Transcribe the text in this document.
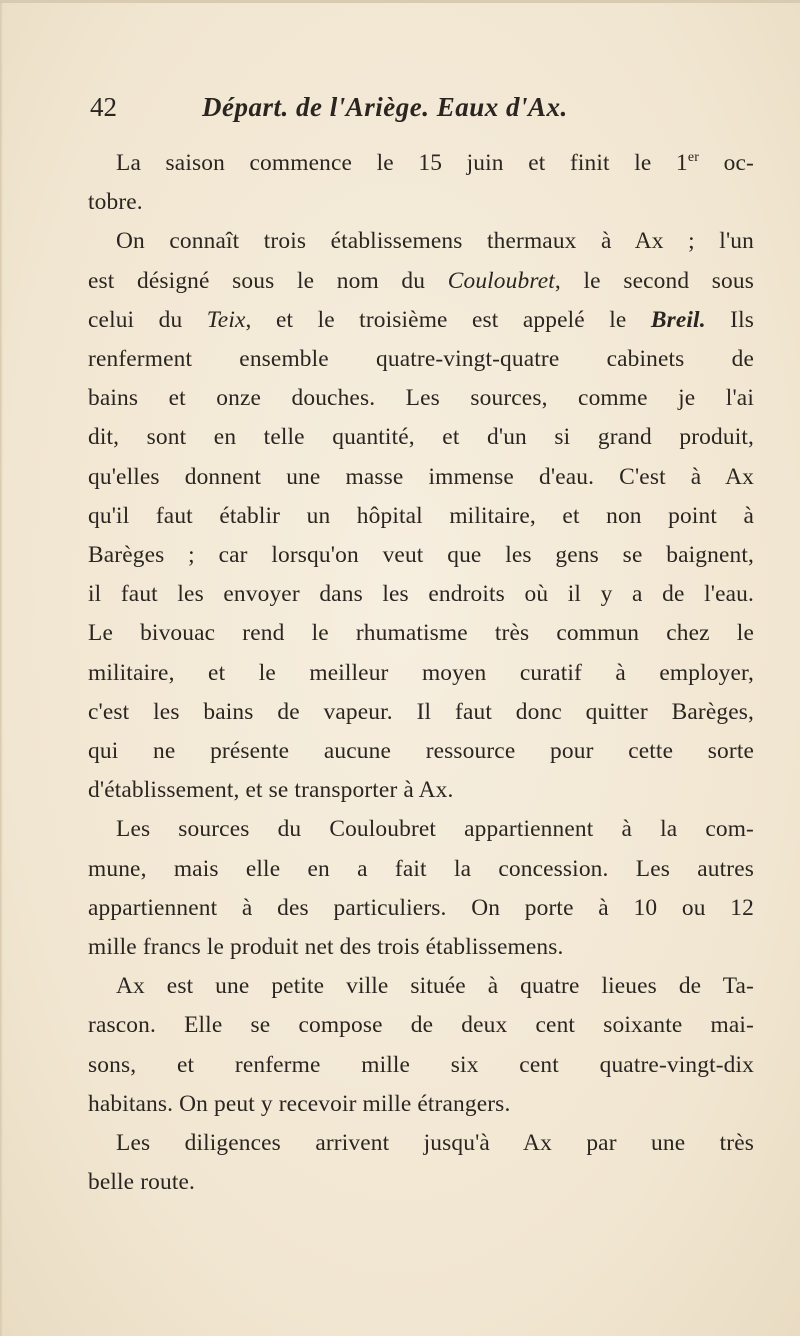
42	Départ. de l'Ariège. Eaux d'Ax.

La saison commence le 15 juin et finit le 1er oc-
tobre.

On connaît trois établissemens thermaux à Ax ; l'un
est désigné sous le nom du Couloubret, le second sous
celui du Teix, et le troisième est appelé le Breil. Ils
renferment ensemble quatre-vingt-quatre cabinets de
bains et onze douches. Les sources, comme je l'ai
dit, sont en telle quantité, et d'un si grand produit,
qu'elles donnent une masse immense d'eau. C'est à Ax
qu'il faut établir un hôpital militaire, et non point à
Barèges ; car lorsqu'on veut que les gens se baignent,
il faut les envoyer dans les endroits où il y a de l'eau.
Le bivouac rend le rhumatisme très commun chez le
militaire, et le meilleur moyen curatif à employer,
c'est les bains de vapeur. Il faut donc quitter Barèges,
qui ne présente aucune ressource pour cette sorte
d'établissement, et se transporter à Ax.

Les sources du Couloubret appartiennent à la com-
mune, mais elle en a fait la concession. Les autres
appartiennent à des particuliers. On porte à 10 ou 12
mille francs le produit net des trois établissemens.

Ax est une petite ville située à quatre lieues de Ta-
rascon. Elle se compose de deux cent soixante mai-
sons, et renferme mille six cent quatre-vingt-dix
habitans. On peut y recevoir mille étrangers.

Les diligences arrivent jusqu'à Ax par une très
belle route.
